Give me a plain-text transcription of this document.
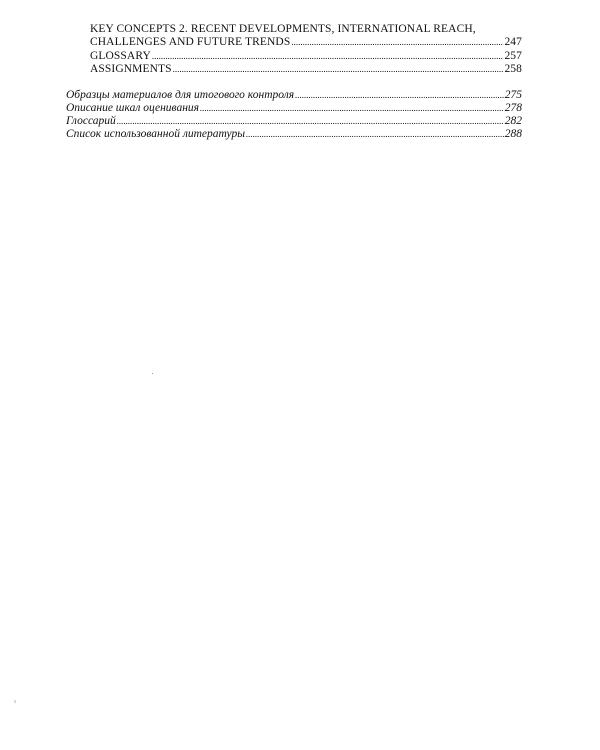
KEY CONCEPTS 2. RECENT DEVELOPMENTS, INTERNATIONAL REACH,
CHALLENGES AND FUTURE TRENDS .....	247
GLOSSARY .....	257
ASSIGNMENTS .....	258
Образцы материалов для итогового контроля .....	275
Описание шкал оценивания .....	278
Глоссарий .....	282
Список использованной литературы .....	288
